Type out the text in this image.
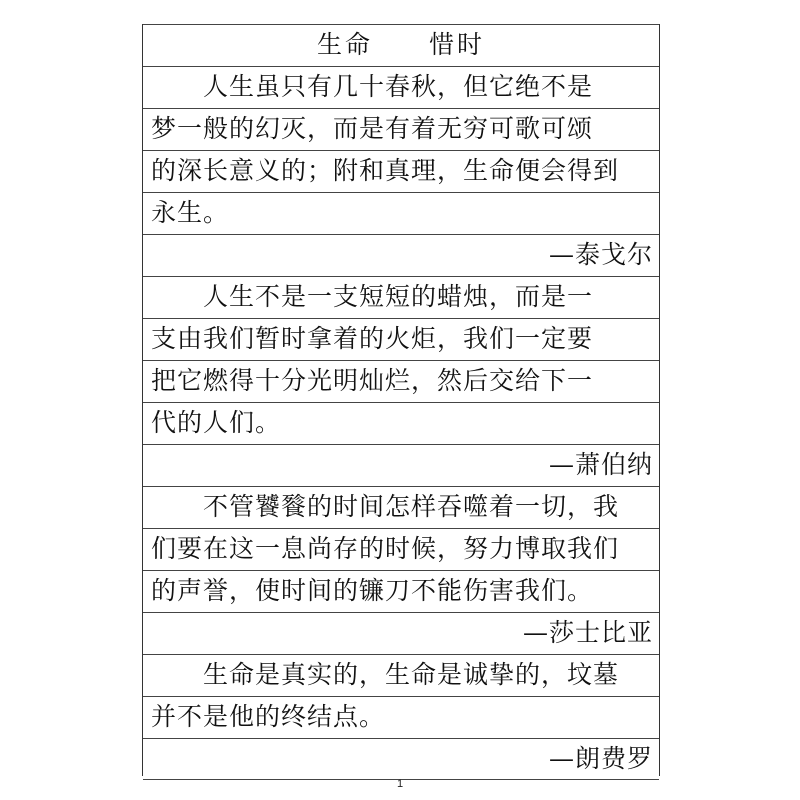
生命　　惜时
人生虽只有几十春秋，但它绝不是
梦一般的幻灭，而是有着无穷可歌可颂
的深长意义的；附和真理，生命便会得到
永生。
—泰戈尔
人生不是一支短短的蜡烛，而是一
支由我们暂时拿着的火炬，我们一定要
把它燃得十分光明灿烂，然后交给下一
代的人们。
—萧伯纳
不管饕餮的时间怎样吞噬着一切，我
们要在这一息尚存的时候，努力博取我们
的声誉，使时间的镰刀不能伤害我们。
—莎士比亚
生命是真实的，生命是诚挚的，坟墓
并不是他的终结点。
—朗费罗
1
